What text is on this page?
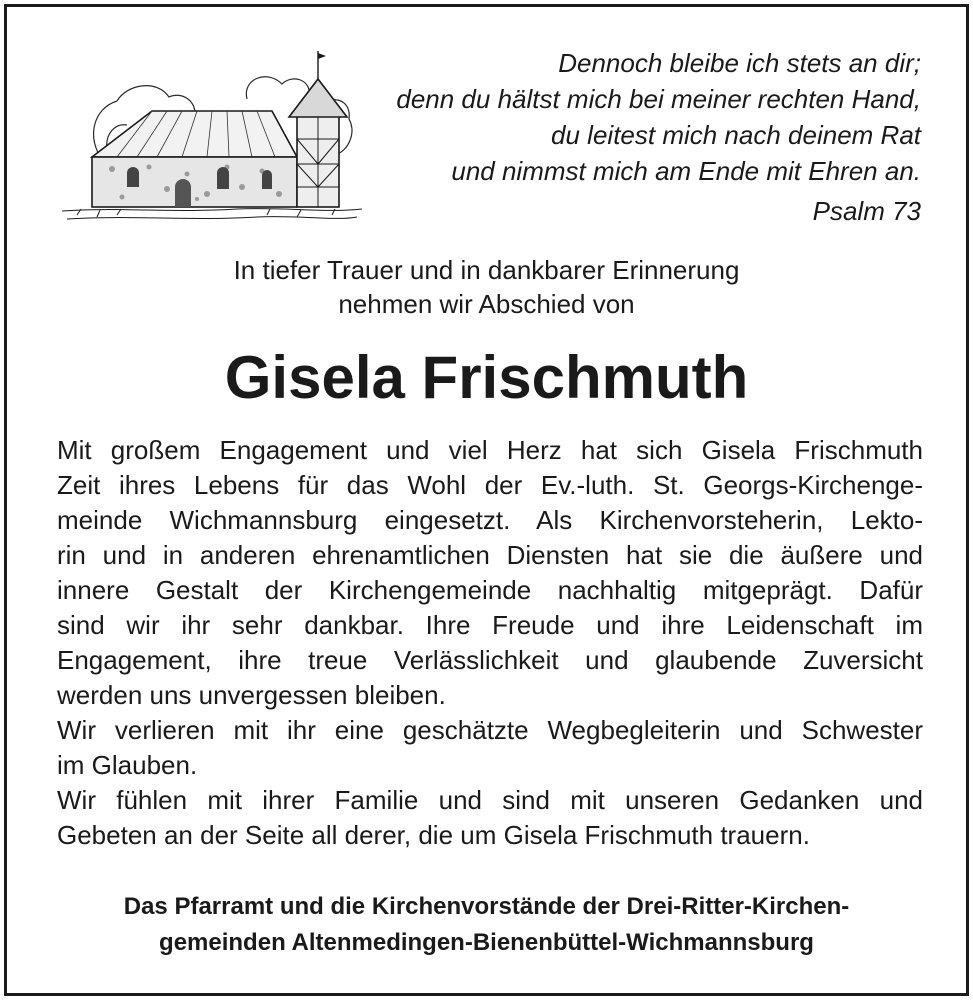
Dennoch bleibe ich stets an dir;
denn du hältst mich bei meiner rechten Hand,
du leitest mich nach deinem Rat
und nimmst mich am Ende mit Ehren an.
Psalm 73
In tiefer Trauer und in dankbarer Erinnerung
nehmen wir Abschied von
Gisela Frischmuth
Mit großem Engagement und viel Herz hat sich Gisela Frischmuth
Zeit ihres Lebens für das Wohl der Ev.-luth. St. Georgs-Kirchenge-
meinde Wichmannsburg eingesetzt. Als Kirchenvorsteherin, Lekto-
rin und in anderen ehrenamtlichen Diensten hat sie die äußere und
innere Gestalt der Kirchengemeinde nachhaltig mitgeprägt. Dafür
sind wir ihr sehr dankbar. Ihre Freude und ihre Leidenschaft im
Engagement, ihre treue Verlässlichkeit und glaubende Zuversicht
werden uns unvergessen bleiben.
Wir verlieren mit ihr eine geschätzte Wegbegleiterin und Schwester
im Glauben.
Wir fühlen mit ihrer Familie und sind mit unseren Gedanken und
Gebeten an der Seite all derer, die um Gisela Frischmuth trauern.
Das Pfarramt und die Kirchenvorstände der Drei-Ritter-Kirchen-
gemeinden Altenmedingen-Bienenbüttel-Wichmannsburg
